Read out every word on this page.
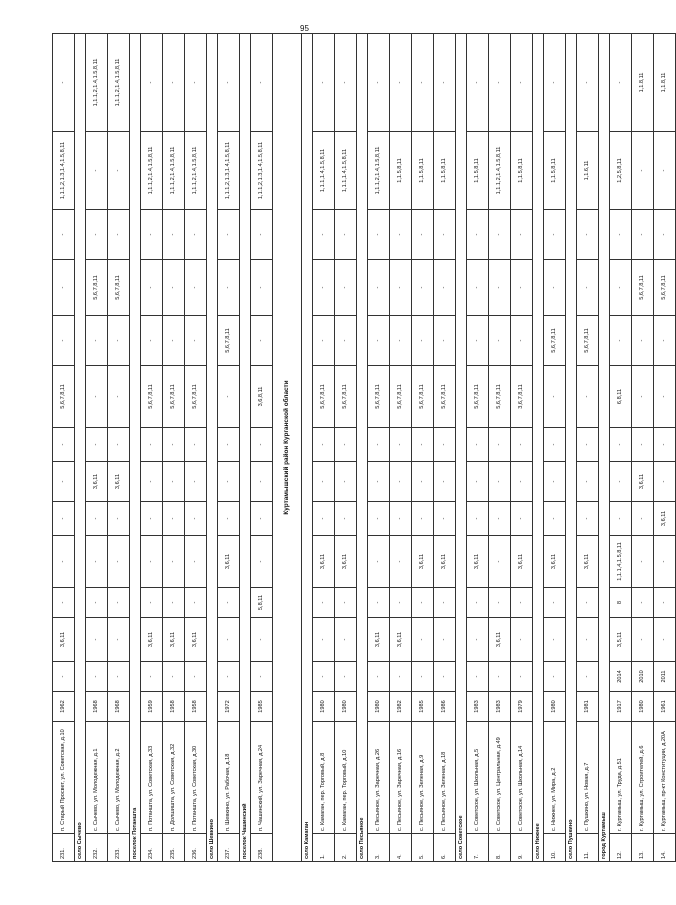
95
231.	п. Старый Просвет, ул. Советская, д.10	1962	-	3,6,11	-	-	-	-	-	5,6,7,8,11	-	-	-	1,1.1,2,1.3,1.4,1.5,8,11	-
село Сычево															
232.	с. Сычево, ул. Молодежная, д.1	1968	-	-	-	-	-	3,6,11	-	-	-	5,6,7,8,11	-	-	1,1.1,2,1.4,1.5,8,11
233.	с. Сычево, ул. Молодежная, д.2	1968	-	-	-	-	-	3,6,11	-	-	-	5,6,7,8,11	-	-	1,1.1,2,1.4,1.5,8,11
поселок Потаншта															
234.	п. Потаншта, ул. Советская, д.33	1959	-	3,6,11	-	-	-	-	-	5,6,7,8,11	-	-	-	1,1.1,2,1.4,1.5,8,11	-
235.	п. Долшишта, ул. Советская, д.32	1958	-	3,6,11	-	-	-	-	-	5,6,7,8,11	-	-	-	1,1.1,2,1.4,1.5,8,11	-
236.	п. Потаншта, ул. Советская, д.30	1958	-	3,6,11	-	-	-	-	-	5,6,7,8,11	-	-	-	1,1.1,2,1.4,1.5,8,11	-
село Шевкино															
237.	п. Шевкино, ул. Рабочая, д.18	1972	-	-	-	3,6,11	-	-	-	-	5,6,7,8,11	-	-	1,1.1,2,1.3,1.4,1.5,8,11	-
поселок Чашинский															
238.	п. Чашинский, ул. Заречная, д.24	1985	-	-	5,8,11	-	-	-	-	3,6,8,11	-	-	-	1,1.1,2,1.3,1.4,1.5,8,11	-
Куртамышский район Курганской области															
село Камаган															
1.	с. Камаган, пер. Торговый, д.8	1980	-	-	-	3,6,11	-	-	-	5,6,7,8,11	-	-	-	1,1.1,1.4,1.5,8,11	-
2.	с. Камаган, пер. Торговый, д.10	1980	-	-	-	3,6,11	-	-	-	5,6,7,8,11	-	-	-	1,1.1,1.4,1.5,8,11	-
село Песьяное															
3.	с. Песьяное, ул. Заречная, д.26	1980	-	3,6,11	-	-	-	-	-	5,6,7,8,11	-	-	-	1,1.1,2,1.4,1.5,8,11	-
4.	с. Песьяное, ул. Заречная, д.16	1982	-	3,6,11	-	-	-	-	-	5,6,7,8,11	-	-	-	1,1.5,8,11	-
5.	с. Песьяное, ул. Зеленая, д.9	1985	-	-	-	3,6,11	-	-	-	5,6,7,8,11	-	-	-	1,1.5,8,11	-
6.	с. Песьяное, ул. Зеленая, д.18	1986	-	-	-	3,6,11	-	-	-	5,6,7,8,11	-	-	-	1,1.5,8,11	-
село Советское															
7.	с. Советское, ул. Школьная, д.5	1983	-	-	-	3,6,11	-	-	-	5,6,7,8,11	-	-	-	1,1.5,8,11	-
8.	с. Советское, ул. Центральная, д.49	1983	-	3,6,11	-	-	-	-	-	5,6,7,8,11	-	-	-	1,1.1,2,1.4,1.5,8,11	-
9.	с. Советское, ул. Школьная, д.14	1979	-	-	-	3,6,11	-	-	-	3,6,7,8,11	-	-	-	1,1.5,8,11	-
село Нижнее															
10.	с. Нижнее, ул. Мира, д.2	1980	-	-	-	3,6,11	-	-	-	-	5,6,7,8,11	-	-	1,1.5,8,11	-
село Пушкино															
11.	с. Пушкино, ул. Новая, д.7	1981	-	-	-	3,6,11	-	-	-	-	5,6,7,8,11	-	-	1,1.6,11	-
город Куртамыш															
12.	г. Куртамыш, ул. Труда, д.51	1917	2014	3,5,11	8	1,1.1,4,1.5,8,11	-	-	-	6,8,11	-	-	-	1,2,5,8,11	-
13.	г. Куртамыш, ул. Строителей, д.6	1980	2010	-	-	-	-	3,6,11	-	-	-	5,6,7,8,11	-	-	1,1.8,11
14.	г. Куртамыш, пр-кт Конституции, д.20А	1961	2011	-	-	-	3,6,11	-	-	-	-	5,6,7,8,11	-	-	1,1.8,11
